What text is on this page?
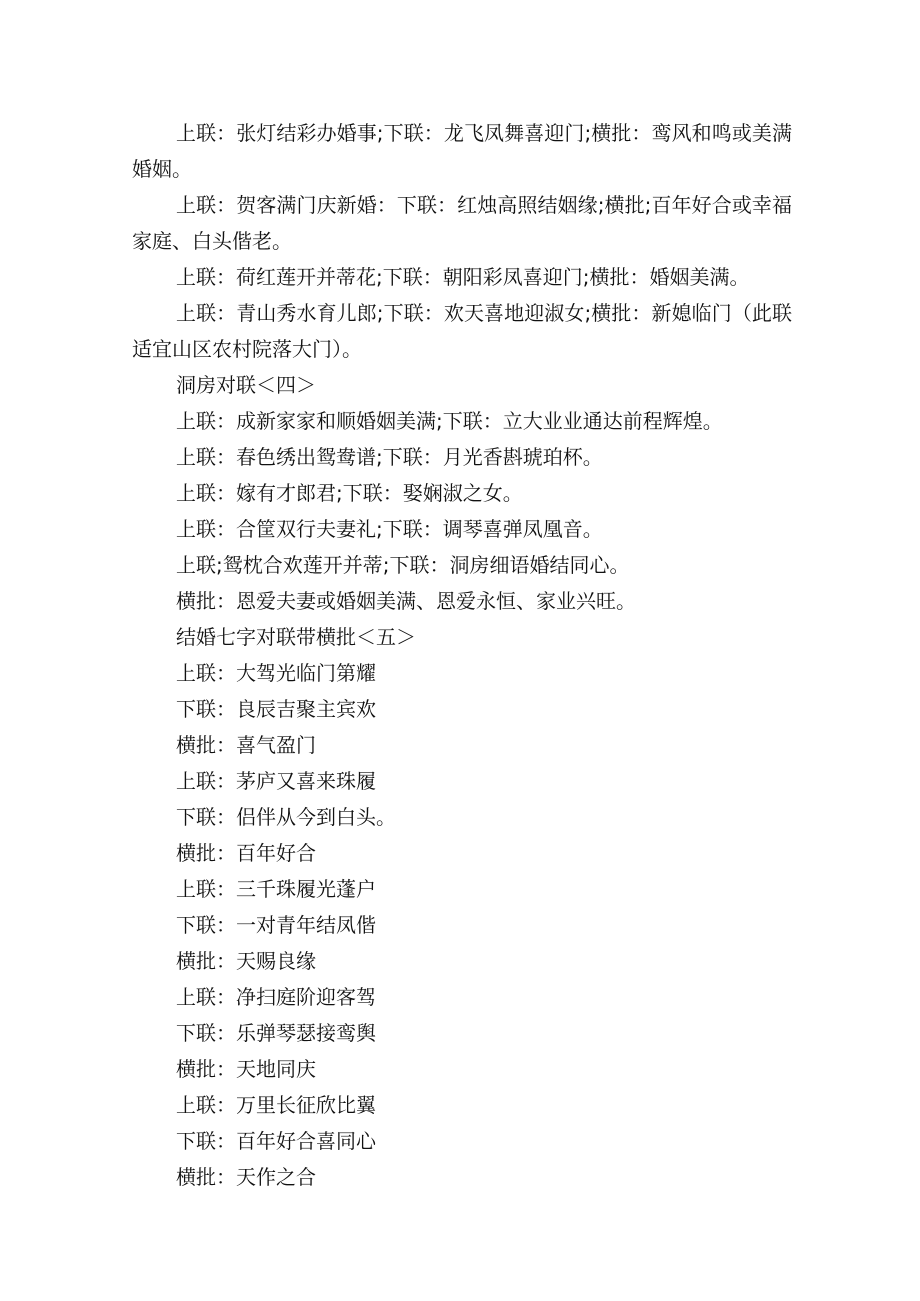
上联：张灯结彩办婚事;下联：龙飞凤舞喜迎门;横批：鸾风和鸣或美满婚姻。

上联：贺客满门庆新婚：下联：红烛高照结姻缘;横批;百年好合或幸福家庭、白头偕老。

上联：荷红莲开并蒂花;下联：朝阳彩凤喜迎门;横批：婚姻美满。

上联：青山秀水育儿郎;下联：欢天喜地迎淑女;横批：新媳临门（此联适宜山区农村院落大门）。

洞房对联＜四＞

上联：成新家家和顺婚姻美满;下联：立大业业通达前程辉煌。

上联：春色绣出鸳鸯谱;下联：月光香斟琥珀杯。

上联：嫁有才郎君;下联：娶娴淑之女。

上联：合筐双行夫妻礼;下联：调琴喜弹凤凰音。

上联;鸳枕合欢莲开并蒂;下联：洞房细语婚结同心。

横批：恩爱夫妻或婚姻美满、恩爱永恒、家业兴旺。

结婚七字对联带横批＜五＞

上联：大驾光临门第耀

下联：良辰吉聚主宾欢

横批：喜气盈门

上联：茅庐又喜来珠履

下联：侣伴从今到白头。

横批：百年好合

上联：三千珠履光蓬户

下联：一对青年结凤偕

横批：天赐良缘

上联：净扫庭阶迎客驾

下联：乐弹琴瑟接鸾舆

横批：天地同庆

上联：万里长征欣比翼

下联：百年好合喜同心

横批：天作之合
